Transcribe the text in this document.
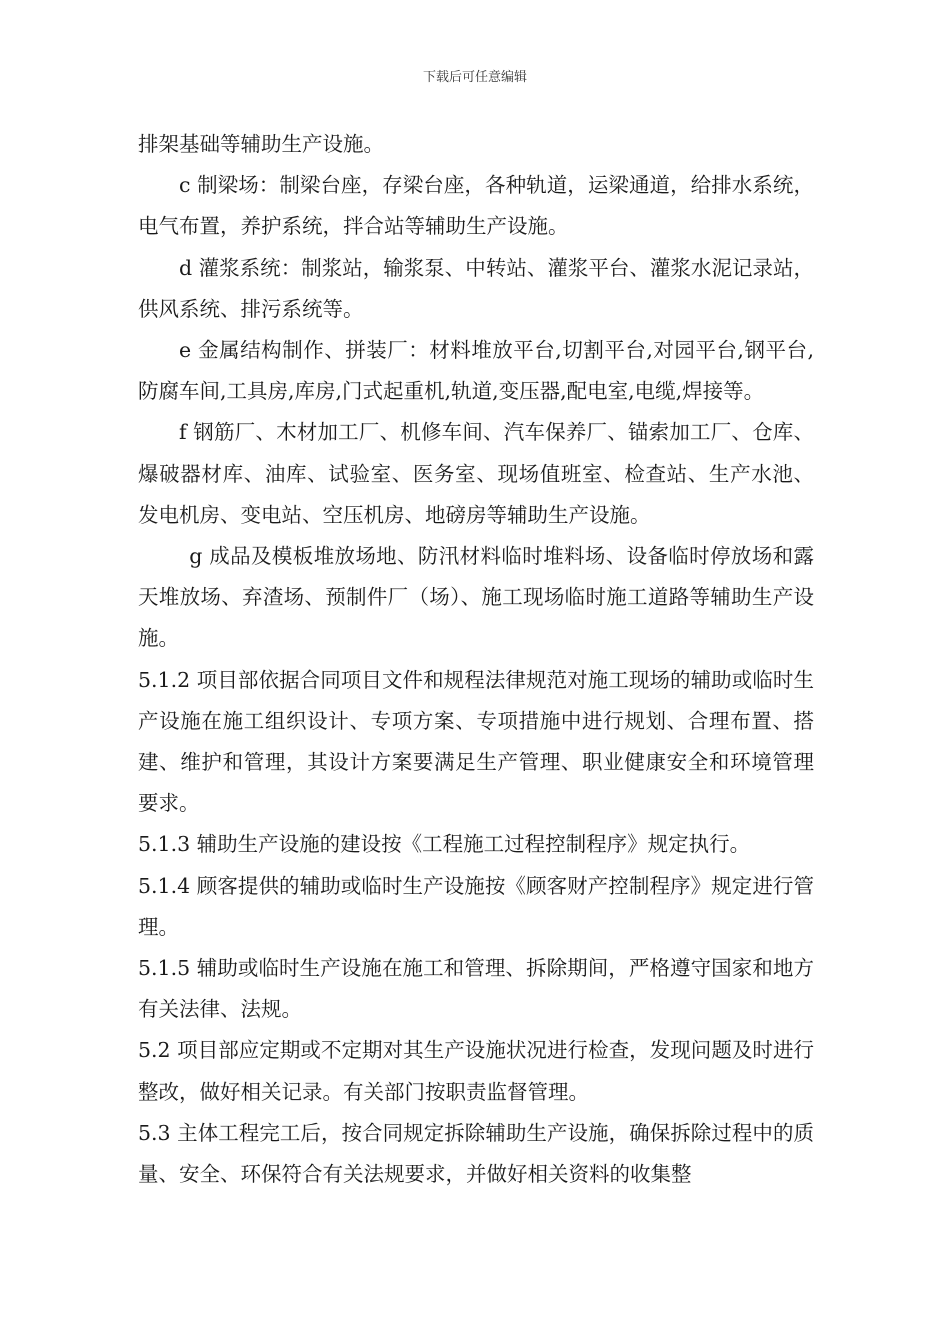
下载后可任意编辑

排架基础等辅助生产设施。

c 制梁场：制梁台座，存梁台座，各种轨道，运梁通道，给排水系统，电气布置，养护系统，拌合站等辅助生产设施。

d 灌浆系统：制浆站，输浆泵、中转站、灌浆平台、灌浆水泥记录站，供风系统、排污系统等。

e 金属结构制作、拼装厂：材料堆放平台,切割平台,对园平台,钢平台,防腐车间,工具房,库房,门式起重机,轨道,变压器,配电室,电缆,焊接等。

f 钢筋厂、木材加工厂、机修车间、汽车保养厂、锚索加工厂、仓库、爆破器材库、油库、试验室、医务室、现场值班室、检查站、生产水池、发电机房、变电站、空压机房、地磅房等辅助生产设施。

g 成品及模板堆放场地、防汛材料临时堆料场、设备临时停放场和露天堆放场、弃渣场、预制件厂（场）、施工现场临时施工道路等辅助生产设施。

5.1.2 项目部依据合同项目文件和规程法律规范对施工现场的辅助或临时生产设施在施工组织设计、专项方案、专项措施中进行规划、合理布置、搭建、维护和管理，其设计方案要满足生产管理、职业健康安全和环境管理要求。

5.1.3 辅助生产设施的建设按《工程施工过程控制程序》规定执行。

5.1.4 顾客提供的辅助或临时生产设施按《顾客财产控制程序》规定进行管理。

5.1.5 辅助或临时生产设施在施工和管理、拆除期间，严格遵守国家和地方有关法律、法规。

5.2 项目部应定期或不定期对其生产设施状况进行检查，发现问题及时进行整改，做好相关记录。有关部门按职责监督管理。

5.3 主体工程完工后，按合同规定拆除辅助生产设施，确保拆除过程中的质量、安全、环保符合有关法规要求，并做好相关资料的收集整
